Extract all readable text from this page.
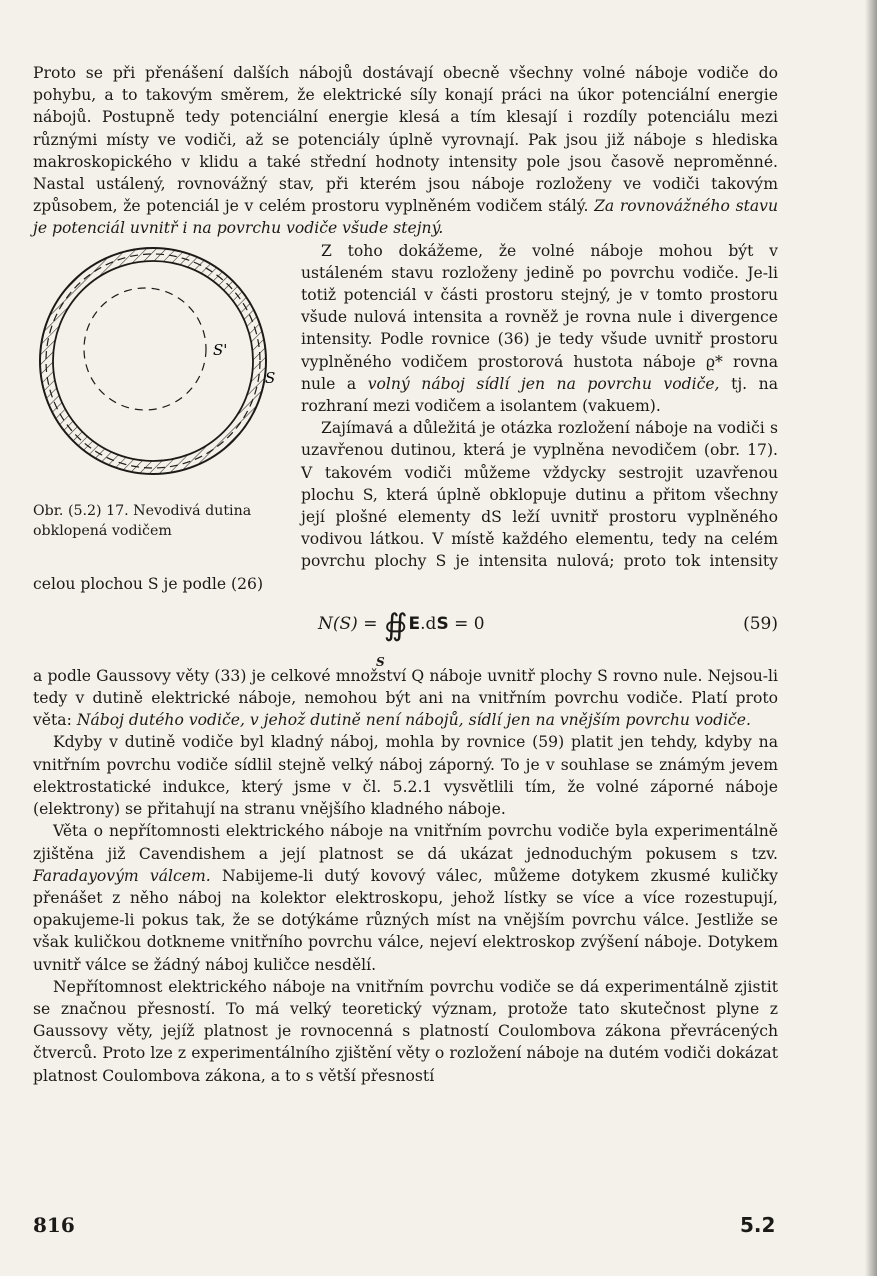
Proto se při přenášení dalších nábojů dostávají obecně všechny volné náboje vodiče do pohybu, a to takovým směrem, že elektrické síly konají práci na úkor potenciální energie nábojů. Postupně tedy potenciální energie klesá a tím klesají i rozdíly potenciálu mezi různými místy ve vodiči, až se potenciály úplně vyrovnají. Pak jsou již náboje s hlediska makroskopického v klidu a také střední hodnoty intensity pole jsou časově neproměnné. Nastal ustálený, rovnovážný stav, při kterém jsou náboje rozloženy ve vodiči takovým způsobem, že potenciál je v celém prostoru vyplněném vodičem stálý. Za rovnovážného stavu je potenciál uvnitř i na povrchu vodiče všude stejný.

S'
S
Obr. (5.2) 17. Nevodivá dutina obklopená vodičem

Z toho dokážeme, že volné náboje mohou být v ustáleném stavu rozloženy jedině po povrchu vodiče. Je-li totiž potenciál v části prostoru stejný, je v tomto prostoru všude nulová intensita a rovněž je rovna nule i divergence intensity. Podle rovnice (36) je tedy všude uvnitř prostoru vyplněného vodičem prostorová hustota náboje ϱ* rovna nule a volný náboj sídlí jen na povrchu vodiče, tj. na rozhraní mezi vodičem a isolantem (vakuem).

Zajímavá a důležitá je otázka rozložení náboje na vodiči s uzavřenou dutinou, která je vyplněna nevodičem (obr. 17). V takovém vodiči můžeme vždycky sestrojit uzavřenou plochu S, která úplně obklopuje dutinu a přitom všechny její plošné elementy dS leží uvnitř prostoru vyplněného vodivou látkou. V místě každého elementu, tedy na celém povrchu plochy S je intensita nulová; proto tok intensity celou plochou S je podle (26)

N(S) = ∯E.dS = 0
S
(59)

a podle Gaussovy věty (33) je celkové množství Q náboje uvnitř plochy S rovno nule. Nejsou-li tedy v dutině elektrické náboje, nemohou být ani na vnitřním povrchu vodiče. Platí proto věta: Náboj dutého vodiče, v jehož dutině není nábojů, sídlí jen na vnějším povrchu vodiče.

Kdyby v dutině vodiče byl kladný náboj, mohla by rovnice (59) platit jen tehdy, kdyby na vnitřním povrchu vodiče sídlil stejně velký náboj záporný. To je v souhlase se známým jevem elektrostatické indukce, který jsme v čl. 5.2.1 vysvětlili tím, že volné záporné náboje (elektrony) se přitahují na stranu vnějšího kladného náboje.

Věta o nepřítomnosti elektrického náboje na vnitřním povrchu vodiče byla experimentálně zjištěna již Cavendishem a její platnost se dá ukázat jednoduchým pokusem s tzv. Faradayovým válcem. Nabijeme-li dutý kovový válec, můžeme dotykem zkusmé kuličky přenášet z něho náboj na kolektor elektroskopu, jehož lístky se více a více rozestupují, opakujeme-li pokus tak, že se dotýkáme různých míst na vnějším povrchu válce. Jestliže se však kuličkou dotkneme vnitřního povrchu válce, nejeví elektroskop zvýšení náboje. Dotykem uvnitř válce se žádný náboj kuličce nesdělí.

Nepřítomnost elektrického náboje na vnitřním povrchu vodiče se dá experimentálně zjistit se značnou přesností. To má velký teoretický význam, protože tato skutečnost plyne z Gaussovy věty, jejíž platnost je rovnocenná s platností Coulombova zákona převrácených čtverců. Proto lze z experimentálního zjištění věty o rozložení náboje na dutém vodiči dokázat platnost Coulombova zákona, a to s větší přesností

816	5.2
